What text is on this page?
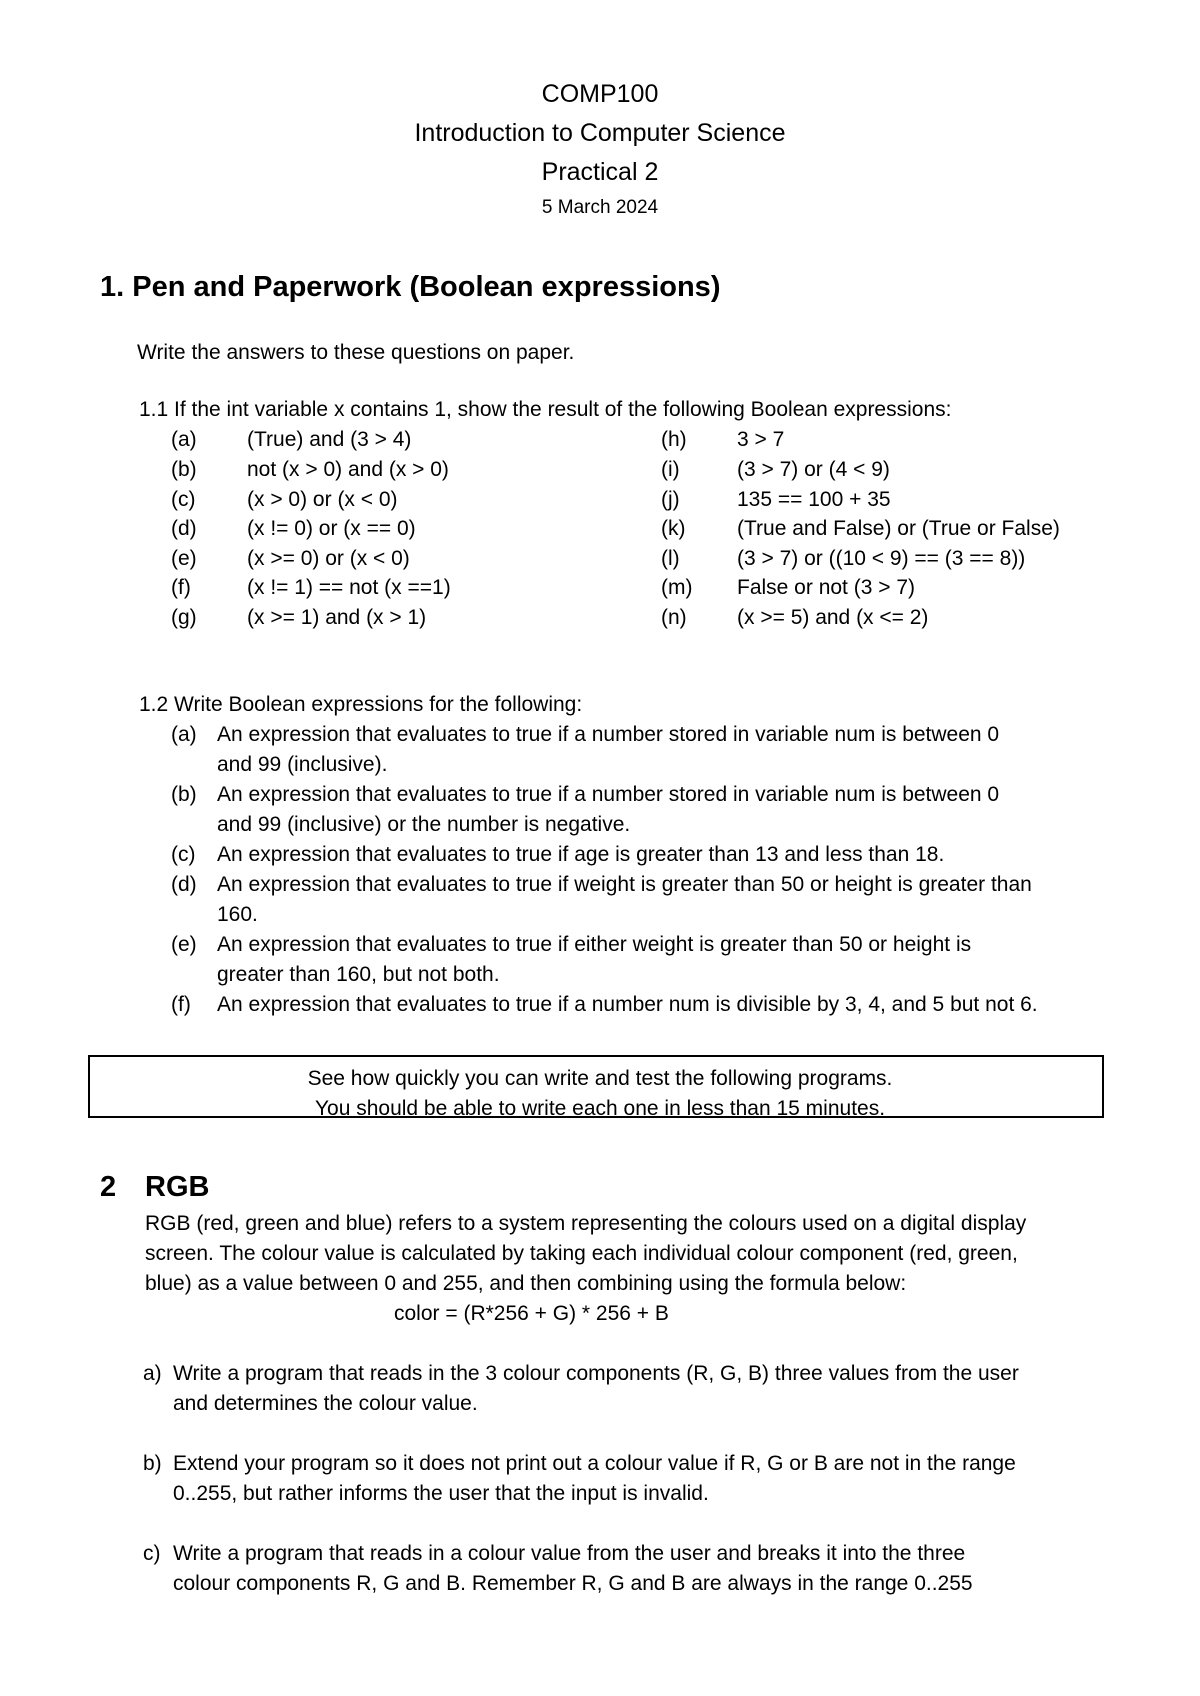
COMP100
Introduction to Computer Science
Practical 2
5 March 2024
1. Pen and Paperwork (Boolean expressions)
Write the answers to these questions on paper.
1.1 If the int variable x contains 1, show the result of the following Boolean expressions:
(a) (True) and (3 > 4)
(b) not (x > 0) and (x > 0)
(c) (x > 0) or (x < 0)
(d) (x != 0) or (x == 0)
(e) (x >= 0) or (x < 0)
(f)	(x != 1) == not (x ==1)
(g) (x >= 1) and (x > 1)
(h) 3 > 7
(i)	(3 > 7) or (4 < 9)
(j)	135 == 100 + 35
(k) (True and False) or (True or False)
(l)	(3 > 7) or ((10 < 9) == (3 == 8))
(m) False or not (3 > 7)
(n) (x >= 5) and (x <= 2)
1.2 Write Boolean expressions for the following:
(a) An expression that evaluates to true if a number stored in variable num is between 0
and 99 (inclusive).
(b) An expression that evaluates to true if a number stored in variable num is between 0
and 99 (inclusive) or the number is negative.
(c) An expression that evaluates to true if age is greater than 13 and less than 18.
(d) An expression that evaluates to true if weight is greater than 50 or height is greater than
160.
(e) An expression that evaluates to true if either weight is greater than 50 or height is
greater than 160, but not both.
(f) An expression that evaluates to true if a number num is divisible by 3, 4, and 5 but not 6.
See how quickly you can write and test the following programs.
You should be able to write each one in less than 15 minutes.
2 RGB
RGB (red, green and blue) refers to a system representing the colours used on a digital display
screen. The colour value is calculated by taking each individual colour component (red, green,
blue) as a value between 0 and 255, and then combining using the formula below:
color = (R*256 + G) * 256 + B
a) Write a program that reads in the 3 colour components (R, G, B) three values from the user
and determines the colour value.
b) Extend your program so it does not print out a colour value if R, G or B are not in the range
0..255, but rather informs the user that the input is invalid.
c) Write a program that reads in a colour value from the user and breaks it into the three
colour components R, G and B. Remember R, G and B are always in the range 0..255
